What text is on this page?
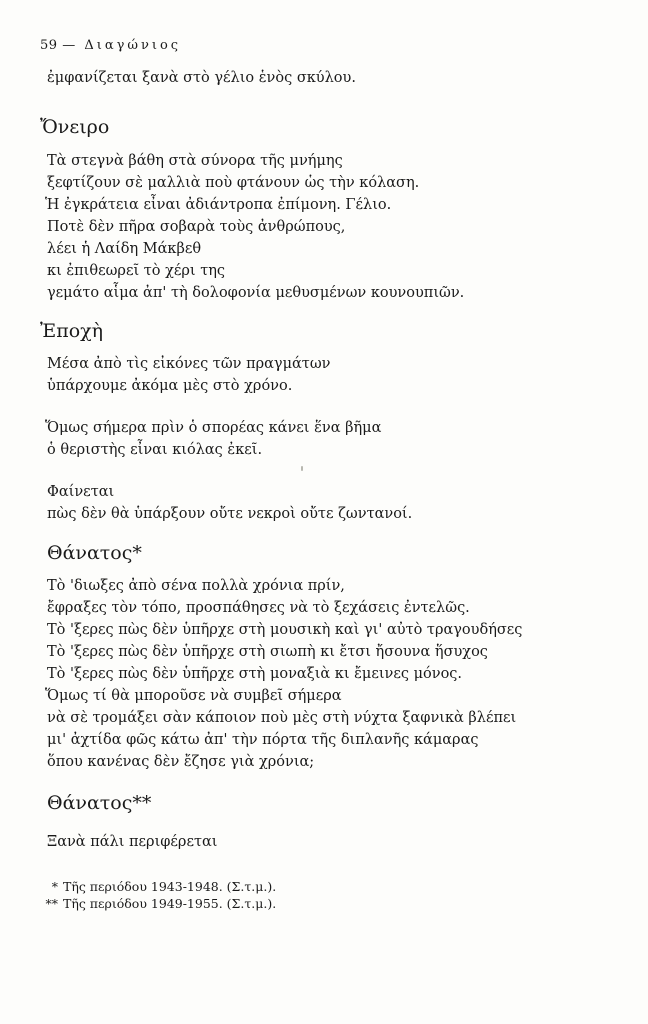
59 — Διαγώνιος
ἐμφανίζεται ξανὰ στὸ γέλιο ἑνὸς σκύλου.
Ὄνειρο
Τὰ στεγνὰ βάθη στὰ σύνορα τῆς μνήμης
ξεφτίζουν σὲ μαλλιὰ ποὺ φτάνουν ὡς τὴν κόλαση.
Ἡ ἐγκράτεια εἶναι ἀδιάντροπα ἐπίμονη. Γέλιο.
Ποτὲ δὲν πῆρα σοβαρὰ τοὺς ἀνθρώπους,
λέει ἡ Λαίδη Μάκβεθ
κι ἐπιθεωρεῖ τὸ χέρι της
γεμάτο αἷμα ἀπ' τὴ δολοφονία μεθυσμένων κουνουπιῶν.
Ἐποχὴ
Μέσα ἀπὸ τὶς εἰκόνες τῶν πραγμάτων
ὑπάρχουμε ἀκόμα μὲς στὸ χρόνο.
Ὅμως σήμερα πρὶν ὁ σπορέας κάνει ἕνα βῆμα
ὁ θεριστὴς εἶναι κιόλας ἐκεῖ.
Φαίνεται
πὼς δὲν θὰ ὑπάρξουν οὔτε νεκροὶ οὔτε ζωντανοί.
Θάνατος*
Τὸ 'διωξες ἀπὸ σένα πολλὰ χρόνια πρίν,
ἔφραξες τὸν τόπο, προσπάθησες νὰ τὸ ξεχάσεις ἐντελῶς.
Τὸ 'ξερες πὼς δὲν ὑπῆρχε στὴ μουσικὴ καὶ γι' αὐτὸ τραγουδήσες
Τὸ 'ξερες πὼς δὲν ὑπῆρχε στὴ σιωπὴ κι ἔτσι ἤσουνα ἥσυχος
Τὸ 'ξερες πὼς δὲν ὑπῆρχε στὴ μοναξιὰ κι ἔμεινες μόνος.
Ὅμως τί θὰ μποροῦσε νὰ συμβεῖ σήμερα
νὰ σὲ τρομάξει σὰν κάποιον ποὺ μὲς στὴ νύχτα ξαφνικὰ βλέπει
μι' ἀχτίδα φῶς κάτω ἀπ' τὴν πόρτα τῆς διπλανῆς κάμαρας
ὅπου κανένας δὲν ἔζησε γιὰ χρόνια;
Θάνατος**
Ξανὰ πάλι περιφέρεται
* Τῆς περιόδου 1943-1948. (Σ.τ.μ.).
** Τῆς περιόδου 1949-1955. (Σ.τ.μ.).
